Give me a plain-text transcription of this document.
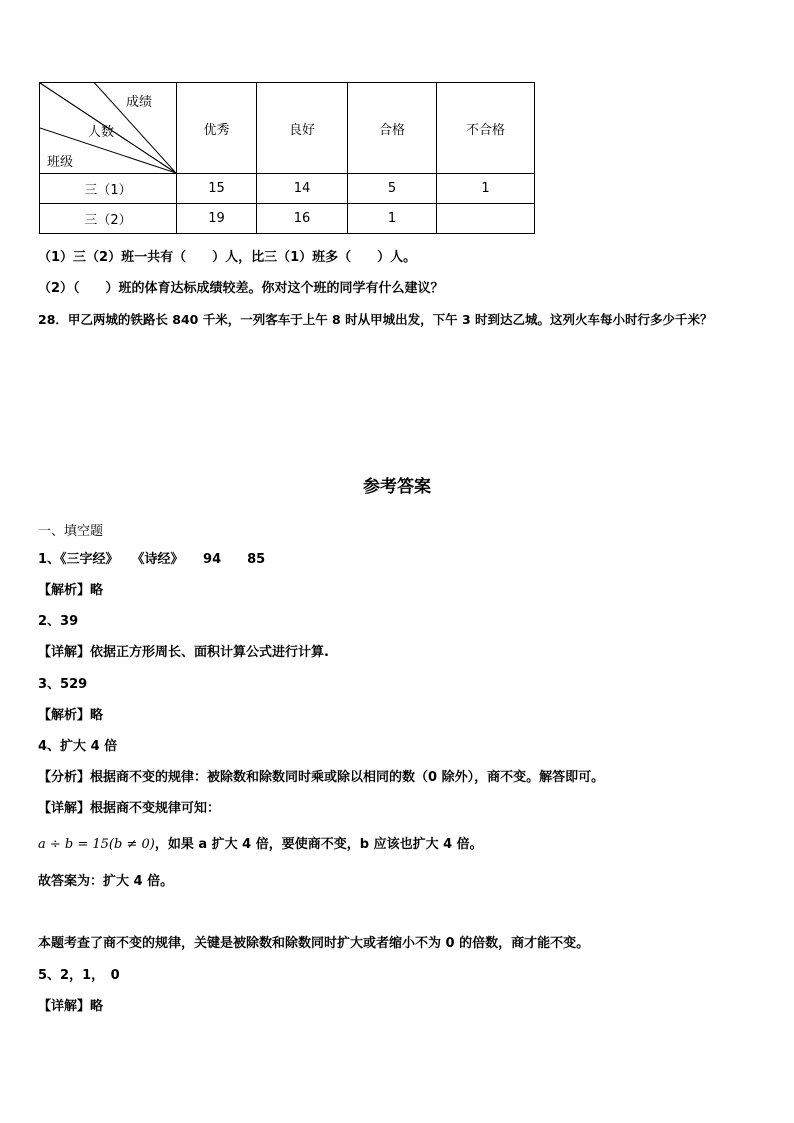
成绩
人数
班级	优秀	良好	合格	不合格
三（1）	15	14	5	1
三（2）	19	16	1	
（1）三（2）班一共有（　　）人，比三（1）班多（　　）人。
（2）（　　）班的体育达标成绩较差。你对这个班的同学有什么建议？
28．甲乙两城的铁路长 840 千米，一列客车于上午 8 时从甲城出发，下午 3 时到达乙城。这列火车每小时行多少千米？
参考答案
一、填空题
1、《三字经》　　《诗经》　　94　　85
【解析】略
2、39
【详解】依据正方形周长、面积计算公式进行计算.
3、529
【解析】略
4、扩大 4 倍
【分析】根据商不变的规律：被除数和除数同时乘或除以相同的数（0 除外），商不变。解答即可。
【详解】根据商不变规律可知：
a ÷ b = 15(b ≠ 0)，如果 a 扩大 4 倍，要使商不变，b 应该也扩大 4 倍。
故答案为：扩大 4 倍。
本题考查了商不变的规律，关键是被除数和除数同时扩大或者缩小不为 0 的倍数，商才能不变。
5、2，1，　0
【详解】略
